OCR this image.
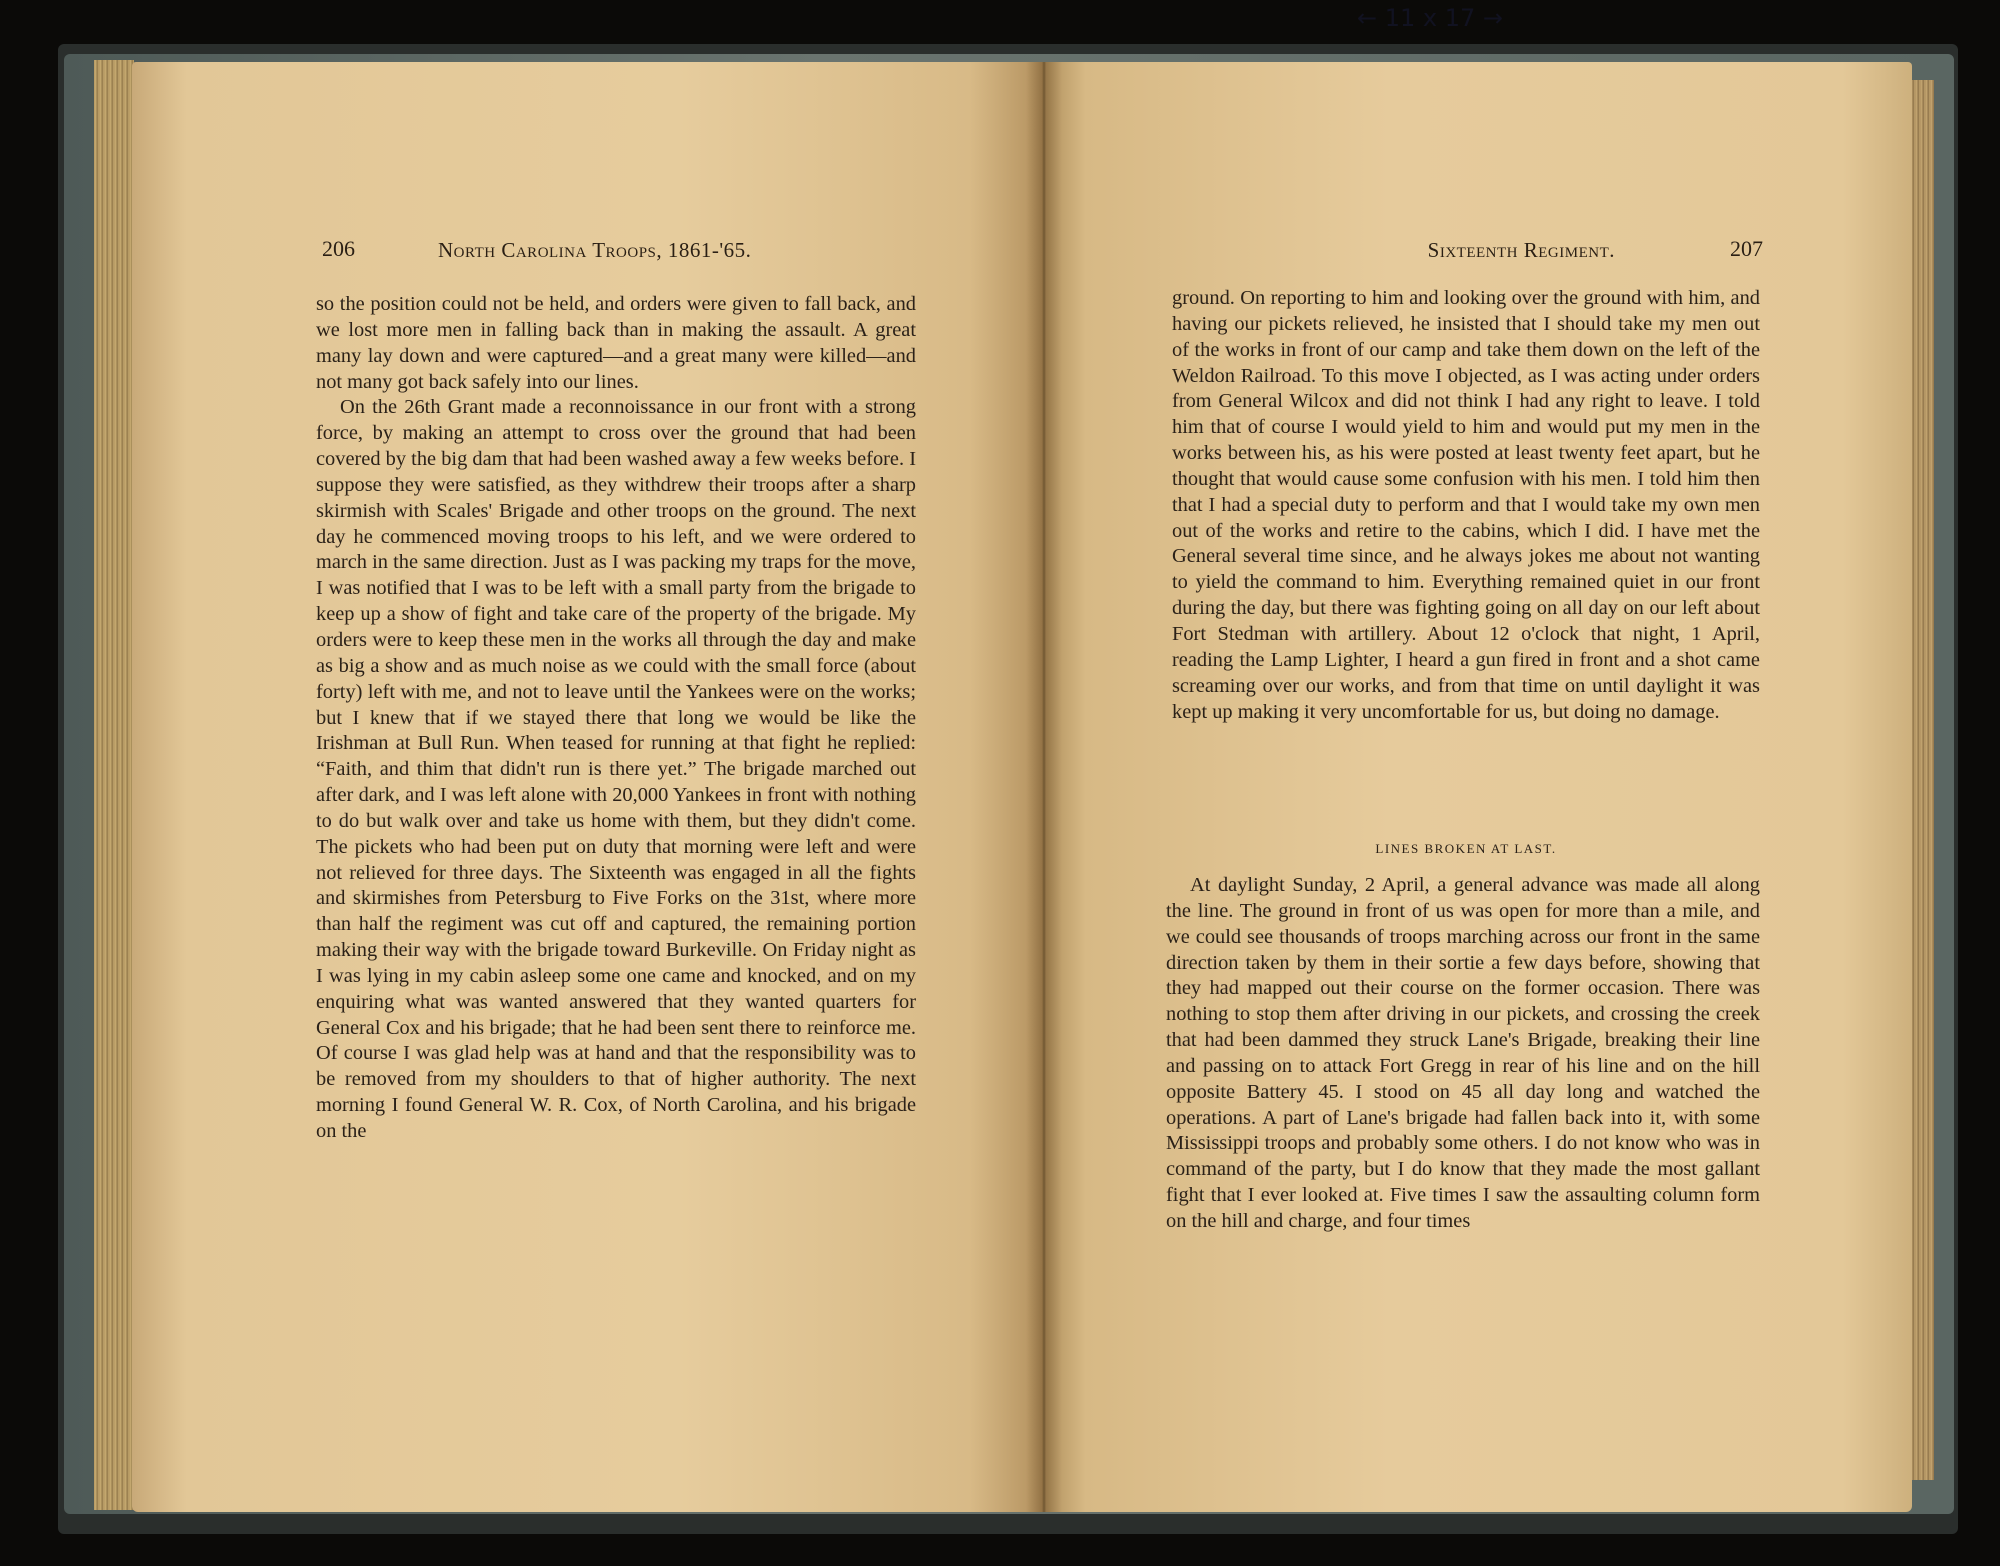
← 11 x 17 →
206	North Carolina Troops, 1861-'65.

so the position could not be held, and orders were given to fall back, and we lost more men in falling back than in making the assault. A great many lay down and were captured—and a great many were killed—and not many got back safely into our lines.

On the 26th Grant made a reconnoissance in our front with a strong force, by making an attempt to cross over the ground that had been covered by the big dam that had been washed away a few weeks before. I suppose they were satisfied, as they withdrew their troops after a sharp skirmish with Scales' Brigade and other troops on the ground. The next day he commenced moving troops to his left, and we were ordered to march in the same direction. Just as I was packing my traps for the move, I was notified that I was to be left with a small party from the brigade to keep up a show of fight and take care of the property of the brigade. My orders were to keep these men in the works all through the day and make as big a show and as much noise as we could with the small force (about forty) left with me, and not to leave until the Yankees were on the works; but I knew that if we stayed there that long we would be like the Irishman at Bull Run. When teased for running at that fight he replied: “Faith, and thim that didn't run is there yet.” The brigade marched out after dark, and I was left alone with 20,000 Yankees in front with nothing to do but walk over and take us home with them, but they didn't come. The pickets who had been put on duty that morning were left and were not relieved for three days. The Sixteenth was engaged in all the fights and skirmishes from Petersburg to Five Forks on the 31st, where more than half the regiment was cut off and captured, the remaining portion making their way with the brigade toward Burkeville. On Friday night as I was lying in my cabin asleep some one came and knocked, and on my enquiring what was wanted answered that they wanted quarters for General Cox and his brigade; that he had been sent there to reinforce me. Of course I was glad help was at hand and that the responsibility was to be removed from my shoulders to that of higher authority. The next morning I found General W. R. Cox, of North Carolina, and his brigade on the

Sixteenth Regiment.	207

ground. On reporting to him and looking over the ground with him, and having our pickets relieved, he insisted that I should take my men out of the works in front of our camp and take them down on the left of the Weldon Railroad. To this move I objected, as I was acting under orders from General Wilcox and did not think I had any right to leave. I told him that of course I would yield to him and would put my men in the works between his, as his were posted at least twenty feet apart, but he thought that would cause some confusion with his men. I told him then that I had a special duty to perform and that I would take my own men out of the works and retire to the cabins, which I did. I have met the General several time since, and he always jokes me about not wanting to yield the command to him. Everything remained quiet in our front during the day, but there was fighting going on all day on our left about Fort Stedman with artillery. About 12 o'clock that night, 1 April, reading the Lamp Lighter, I heard a gun fired in front and a shot came screaming over our works, and from that time on until daylight it was kept up making it very uncomfortable for us, but doing no damage.

LINES BROKEN AT LAST.

At daylight Sunday, 2 April, a general advance was made all along the line. The ground in front of us was open for more than a mile, and we could see thousands of troops marching across our front in the same direction taken by them in their sortie a few days before, showing that they had mapped out their course on the former occasion. There was nothing to stop them after driving in our pickets, and crossing the creek that had been dammed they struck Lane's Brigade, breaking their line and passing on to attack Fort Gregg in rear of his line and on the hill opposite Battery 45. I stood on 45 all day long and watched the operations. A part of Lane's brigade had fallen back into it, with some Mississippi troops and probably some others. I do not know who was in command of the party, but I do know that they made the most gallant fight that I ever looked at. Five times I saw the assaulting column form on the hill and charge, and four times
